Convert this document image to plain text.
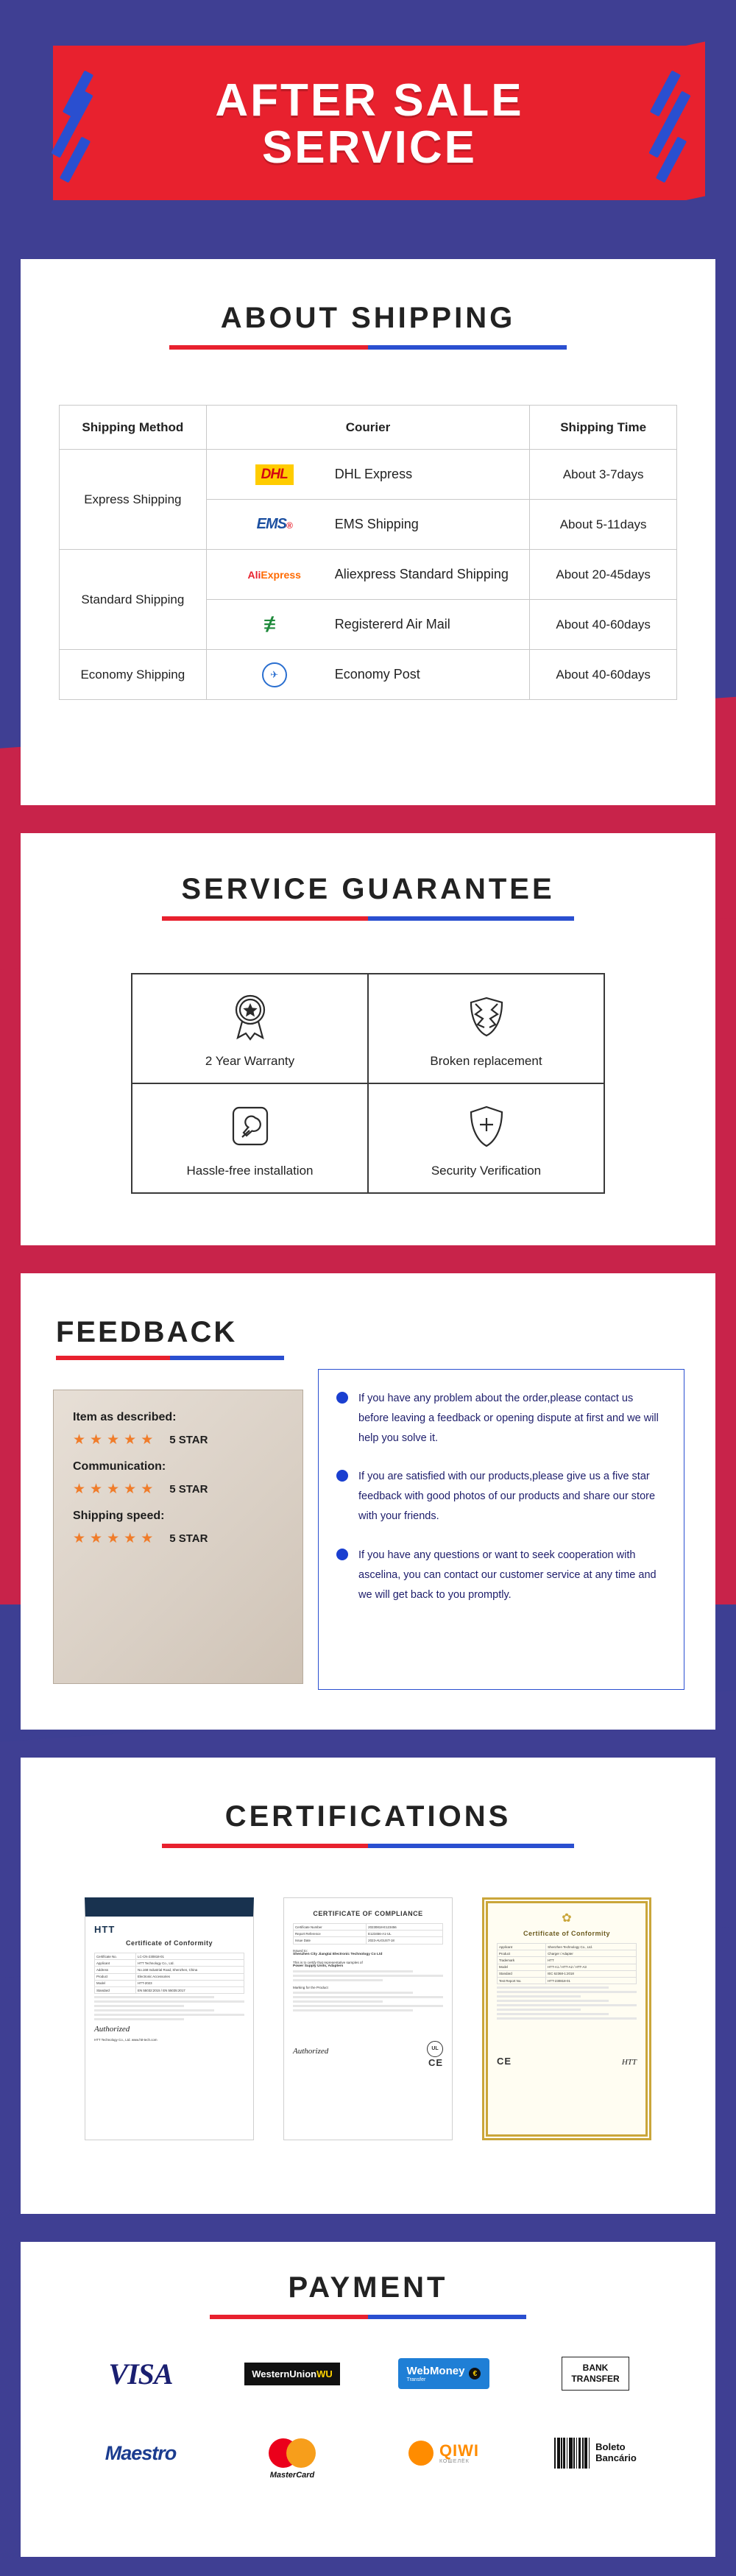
AFTER SALE
SERVICE
ABOUT SHIPPING
Shipping Method	Courier	Shipping Time
Express Shipping	DHL DHL Express	About 3-7days

	EMS® EMS Shipping	About 5-11days
Standard Shipping	AliExpress Aliexpress Standard Shipping	About 20-45days

	≢ Registererd Air Mail	About 40-60days
Economy Shipping	✈ Economy Post	About 40-60days
SERVICE GUARANTEE
2 Year Warranty	Broken replacement
Hassle-free installation	Security Verification
FEEDBACK
Item as described:
★ ★ ★ ★ ★ 5 STAR
Communication:
★ ★ ★ ★ ★ 5 STAR
Shipping speed:
★ ★ ★ ★ ★ 5 STAR
If you have any problem about the order,please contact us before leaving a feedback or opening dispute at first and we will help you solve it.
If you are satisfied with our products,please give us a five star feedback with good photos of our products and share our store with your friends.
If you have any questions or want to seek cooperation with ascelina, you can contact our customer service at any time and we will get back to you promptly.
CERTIFICATIONS
HTT
Certificate of Conformity
Certificate No.	LC-CN-230818-01
Applicant	HTT Technology Co., Ltd.
Address	No.168 Industrial Road, Shenzhen, China
Product	Electronic Accessories
Model	HTT-2023
Standard	EN 55032:2015 / EN 55035:2017
Authorized
HTT Technology Co., Ltd. www.htt-tech.com
CERTIFICATE OF COMPLIANCE
Certificate Number	20230818-E123456
Report Reference	E123456-A1-UL
Issue Date	2023-AUGUST-18
Issued to:
Shenzhen City Jiangtai Electronic Technology Co Ltd
This is to certify that representative samples of
Power Supply Units, Adapters
Marking for the Product
Authorized	UL
CE
✿
Certificate of Conformity
Applicant	Shenzhen Technology Co., Ltd.
Product	Charger / Adapter
Trademark	HTT
Model	HTT-A1 / HTT-A2 / HTT-A3
Standard	IEC 62368-1:2018
Test Report No.	HTT-230818-01
CE	HTT
PAYMENT
VISA	WesternUnionWU	WebMoney
Transfer
€
BANK
TRANSFER
Maestro
MasterCard
QIWI
КОШЕЛЁК
Boleto
Bancário
